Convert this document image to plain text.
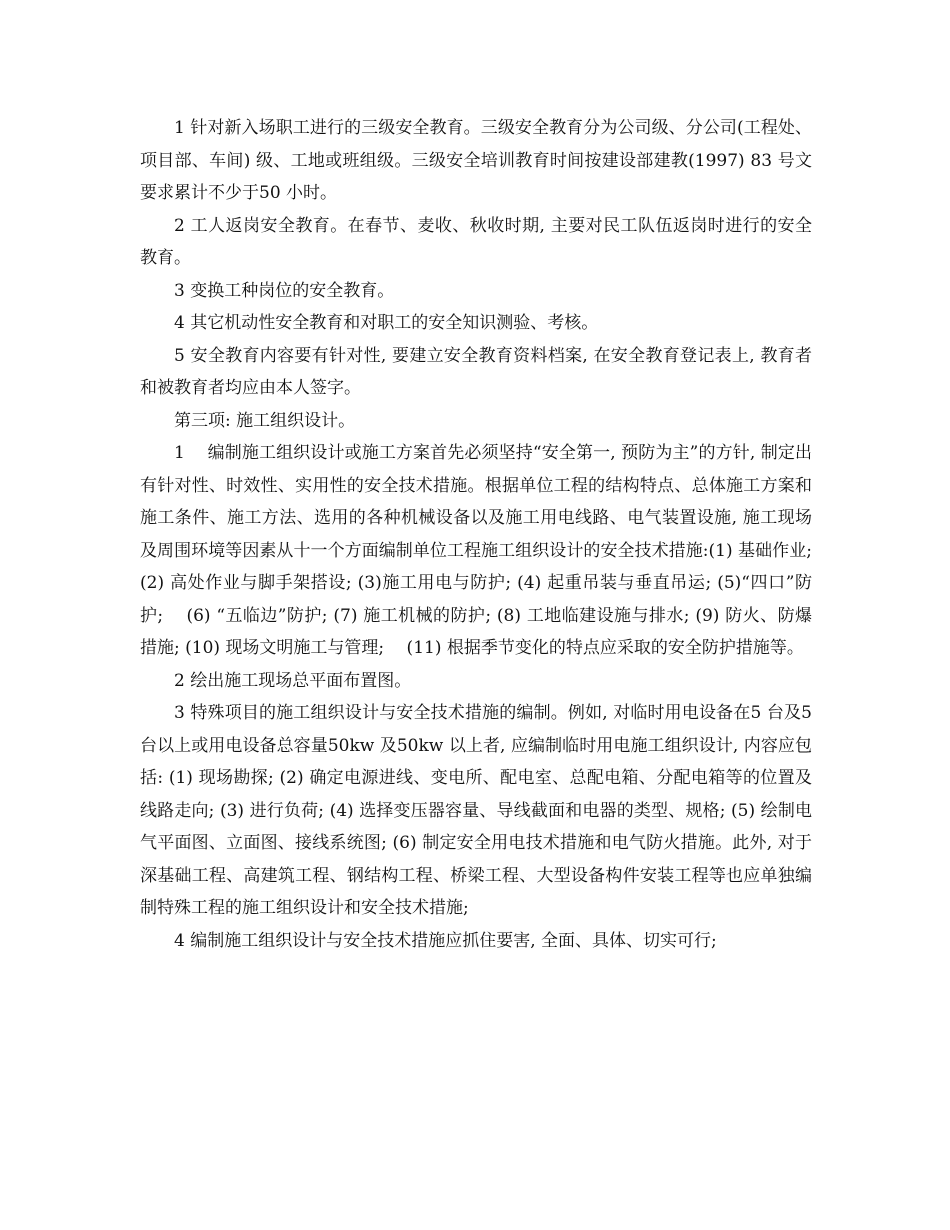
1 针对新入场职工进行的三级安全教育。三级安全教育分为公司级、分公司(工程处、项目部、车间) 级、工地或班组级。三级安全培训教育时间按建设部建教(1997) 83 号文要求累计不少于50 小时。

2 工人返岗安全教育。在春节、麦收、秋收时期, 主要对民工队伍返岗时进行的安全教育。

3 变换工种岗位的安全教育。

4 其它机动性安全教育和对职工的安全知识测验、考核。

5 安全教育内容要有针对性, 要建立安全教育资料档案, 在安全教育登记表上, 教育者和被教育者均应由本人签字。

第三项: 施工组织设计。

1　 编制施工组织设计或施工方案首先必须坚持“安全第一, 预防为主”的方针, 制定出有针对性、时效性、实用性的安全技术措施。根据单位工程的结构特点、总体施工方案和施工条件、施工方法、选用的各种机械设备以及施工用电线路、电气装置设施, 施工现场及周围环境等因素从十一个方面编制单位工程施工组织设计的安全技术措施:(1) 基础作业; (2) 高处作业与脚手架搭设; (3)施工用电与防护; (4) 起重吊装与垂直吊运; (5)“四口”防护; 　(6) “五临边”防护; (7) 施工机械的防护; (8) 工地临建设施与排水; (9) 防火、防爆措施; (10) 现场文明施工与管理; 　(11) 根据季节变化的特点应采取的安全防护措施等。

2 绘出施工现场总平面布置图。

3 特殊项目的施工组织设计与安全技术措施的编制。例如, 对临时用电设备在5 台及5 台以上或用电设备总容量50kw 及50kw 以上者, 应编制临时用电施工组织设计, 内容应包括: (1) 现场勘探; (2) 确定电源进线、变电所、配电室、总配电箱、分配电箱等的位置及线路走向; (3) 进行负荷; (4) 选择变压器容量、导线截面和电器的类型、规格; (5) 绘制电气平面图、立面图、接线系统图; (6) 制定安全用电技术措施和电气防火措施。此外, 对于深基础工程、高建筑工程、钢结构工程、桥梁工程、大型设备构件安装工程等也应单独编制特殊工程的施工组织设计和安全技术措施;

4 编制施工组织设计与安全技术措施应抓住要害, 全面、具体、切实可行;
